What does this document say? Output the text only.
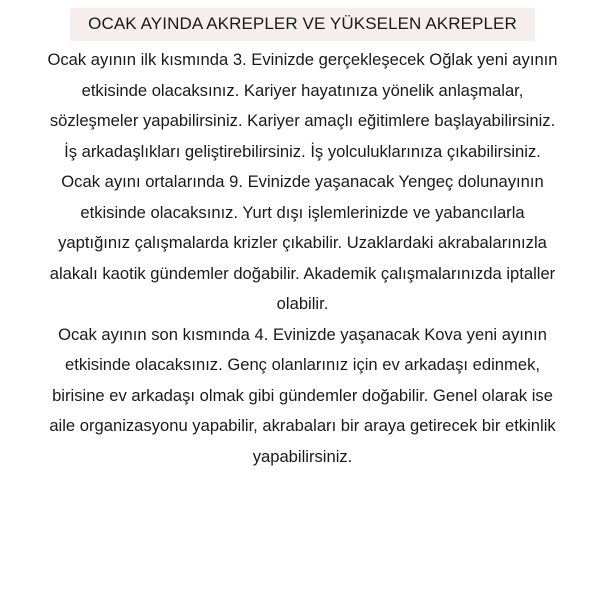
OCAK AYINDA AKREPLER VE YÜKSELEN AKREPLER
Ocak ayının ilk kısmında 3. Evinizde gerçekleşecek Oğlak yeni ayının
etkisinde olacaksınız. Kariyer hayatınıza yönelik anlaşmalar,
sözleşmeler yapabilirsiniz. Kariyer amaçlı eğitimlere başlayabilirsiniz.
İş arkadaşlıkları geliştirebilirsiniz. İş yolculuklarınıza çıkabilirsiniz.
Ocak ayını ortalarında 9. Evinizde yaşanacak Yengeç dolunayının
etkisinde olacaksınız. Yurt dışı işlemlerinizde ve yabancılarla
yaptığınız çalışmalarda krizler çıkabilir. Uzaklardaki akrabalarınızla
alakalı kaotik gündemler doğabilir. Akademik çalışmalarınızda iptaller
olabilir.
Ocak ayının son kısmında 4. Evinizde yaşanacak Kova yeni ayının
etkisinde olacaksınız. Genç olanlarınız için ev arkadaşı edinmek,
birisine ev arkadaşı olmak gibi gündemler doğabilir. Genel olarak ise
aile organizasyonu yapabilir, akrabaları bir araya getirecek bir etkinlik
yapabilirsiniz.
